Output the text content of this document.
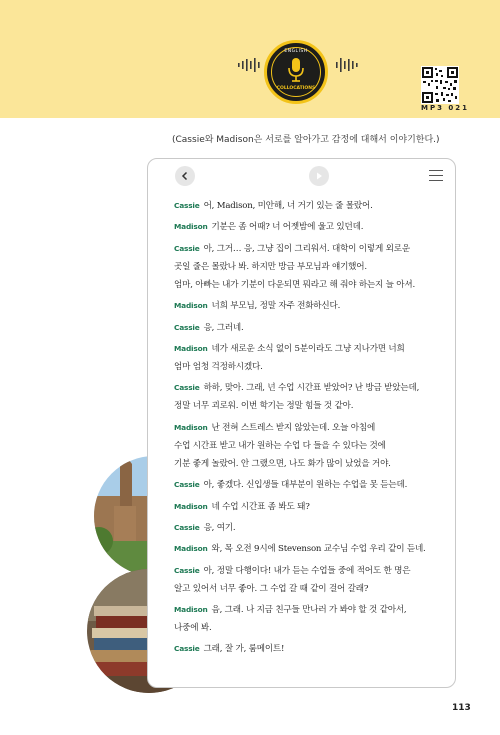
ENGLISH
COLLOCATIONS
MP3 021
(Cassie와 Madison은 서로를 알아가고 감정에 대해서 이야기한다.)
Cassie 어, Madison, 미안해, 너 거기 있는 줄 몰랐어.
Madison 기분은 좀 어때? 너 어젯밤에 울고 있던데.
Cassie 아, 그거… 응, 그냥 집이 그리워서. 대학이 이렇게 외로운
곳일 줄은 몰랐나 봐. 하지만 방금 부모님과 얘기했어.
엄마, 아빠는 내가 기분이 다운되면 뭐라고 해 줘야 하는지 늘 아셔.
Madison 너희 부모님, 정말 자주 전화하신다.
Cassie 응, 그러네.
Madison 네가 새로운 소식 없이 5분이라도 그냥 지나가면 너희
엄마 엄청 걱정하시겠다.
Cassie 하하, 맞아. 그래, 넌 수업 시간표 받았어? 난 방금 받았는데,
정말 너무 괴로워. 이번 학기는 정말 힘들 것 같아.
Madison 난 전혀 스트레스 받지 않았는데. 오늘 아침에
수업 시간표 받고 내가 원하는 수업 다 들을 수 있다는 것에
기분 좋게 놀랐어. 안 그랬으면, 나도 화가 많이 났었을 거야.
Cassie 아, 좋겠다. 신입생들 대부분이 원하는 수업을 못 듣는데.
Madison 네 수업 시간표 좀 봐도 돼?
Cassie 응, 여기.
Madison 와, 목 오전 9시에 Stevenson 교수님 수업 우리 같이 듣네.
Cassie 아, 정말 다행이다! 내가 듣는 수업들 중에 적어도 한 명은
알고 있어서 너무 좋아. 그 수업 갈 때 같이 걸어 갈래?
Madison 음, 그래. 나 지금 친구들 만나러 가 봐야 할 것 같아서,
나중에 봐.
Cassie 그래, 잘 가, 룸메이트!
113
